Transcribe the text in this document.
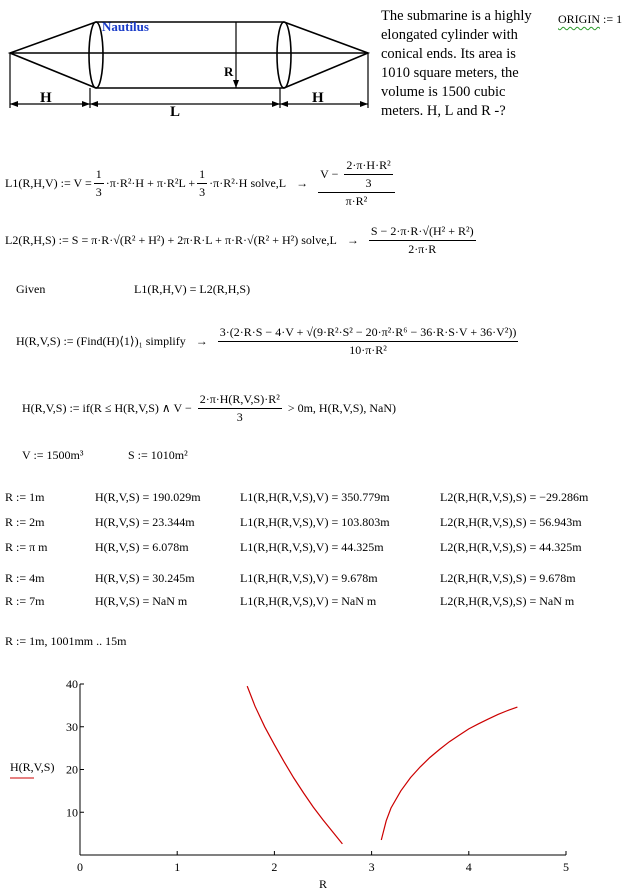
Nautilus
R
H
L
H
The submarine is a highly elongated cylinder with conical ends. Its area is 1010 square meters, the volume is 1500 cubic meters. H, L and R -?
ORIGIN := 1
L1(R,H,V) := $V = \frac{1}{3} \cdot\pi\cdot R^2\cdot H + \pi\cdot R^2L + \frac{1}{3} \cdot\pi\cdot R^2\cdot H$ solve,L → $\frac{V - \frac{\text{2·π·H·R²}}{3}}{\text{π·R²}}$
L2(R,H,S) := S = π·R·√(R² + H²) + 2π·R·L + π·R·√(R² + H²) solve,L → $\frac{\text{S − 2·π·R·√(H² + R²)}}{2\cdot\pi\cdot R}$
Given	L1(R,H,V) = L2(R,H,S)
H(R,V,S) := (Find(H)⟨1⟩)₁ simplify → $\frac{\text{3·(2·R·S − 4·V + √(9·R²·S² − 20·π²·R⁶ − 36·R·S·V + 36·V²))}}{\text{10·π·R²}}$
H(R,V,S) := if(R ≤ H(R,V,S) ∧ $V - \frac{\text{2·π·H(R,V,S)·R²}}{3} > 0m$, H(R,V,S), NaN)
V := 1500m³	S := 1010m²
R := 1m	H(R,V,S) = 190.029m	L1(R,H(R,V,S),V) = 350.779m	L2(R,H(R,V,S),S) = −29.286m
R := 2m	H(R,V,S) = 23.344m	L1(R,H(R,V,S),V) = 103.803m	L2(R,H(R,V,S),S) = 56.943m
R := π m	H(R,V,S) = 6.078m	L1(R,H(R,V,S),V) = 44.325m	L2(R,H(R,V,S),S) = 44.325m
R := 4m	H(R,V,S) = 30.245m	L1(R,H(R,V,S),V) = 9.678m	L2(R,H(R,V,S),S) = 9.678m
R := 7m	H(R,V,S) = NaN m	L1(R,H(R,V,S),V) = NaN m	L2(R,H(R,V,S),S) = NaN m
R := 1m, 1001mm .. 15m
0	1	2	3	4	5
10
20
30
40
R
H(R,V,S)
